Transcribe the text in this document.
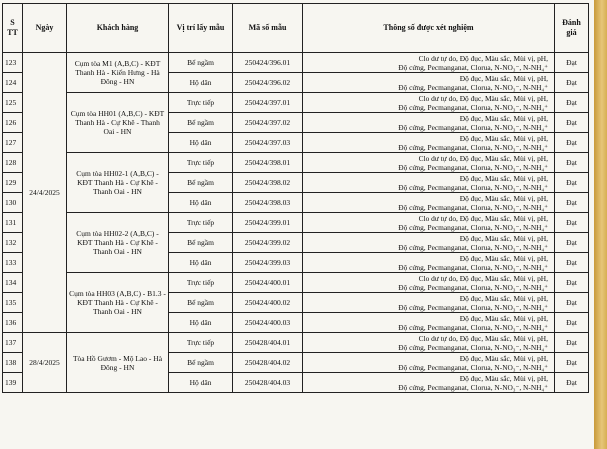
S TT	Ngày	Khách hàng	Vị trí lấy mẫu	Mã số mẫu	Thông số được xét nghiệm	Đánh giá
123	24/4/2025	Cụm tòa M1 (A,B,C) - KĐT Thanh Hà - Kiến Hưng - Hà Đông - HN	Bể ngầm	250424/396.01	Clo dư tự do, Độ đục, Màu sắc, Mùi vị, pH,
Độ cứng, Pecmanganat, Clorua, N-NO₃⁻, N-NH₄⁺	Đạt
124			Hộ dân	250424/396.02	Độ đục, Màu sắc, Mùi vị, pH,
Độ cứng, Pecmanganat, Clorua, N-NO₃⁻, N-NH₄⁺	Đạt
125		Cụm tòa HH01 (A,B,C) - KĐT Thanh Hà - Cự Khê - Thanh Oai - HN	Trực tiếp	250424/397.01	Clo dư tự do, Độ đục, Màu sắc, Mùi vị, pH,
Độ cứng, Pecmanganat, Clorua, N-NO₃⁻, N-NH₄⁺	Đạt
126			Bể ngầm	250424/397.02	Độ đục, Màu sắc, Mùi vị, pH,
Độ cứng, Pecmanganat, Clorua, N-NO₃⁻, N-NH₄⁺	Đạt
127			Hộ dân	250424/397.03	Độ đục, Màu sắc, Mùi vị, pH,
Độ cứng, Pecmanganat, Clorua, N-NO₃⁻, N-NH₄⁺	Đạt
128		Cụm tòa HH02-1 (A,B,C) - KĐT Thanh Hà - Cự Khê - Thanh Oai - HN	Trực tiếp	250424/398.01	Clo dư tự do, Độ đục, Màu sắc, Mùi vị, pH,
Độ cứng, Pecmanganat, Clorua, N-NO₃⁻, N-NH₄⁺	Đạt
129			Bể ngầm	250424/398.02	Độ đục, Màu sắc, Mùi vị, pH,
Độ cứng, Pecmanganat, Clorua, N-NO₃⁻, N-NH₄⁺	Đạt
130			Hộ dân	250424/398.03	Độ đục, Màu sắc, Mùi vị, pH,
Độ cứng, Pecmanganat, Clorua, N-NO₃⁻, N-NH₄⁺	Đạt
131		Cụm tòa HH02-2 (A,B,C) - KĐT Thanh Hà - Cự Khê - Thanh Oai - HN	Trực tiếp	250424/399.01	Clo dư tự do, Độ đục, Màu sắc, Mùi vị, pH,
Độ cứng, Pecmanganat, Clorua, N-NO₃⁻, N-NH₄⁺	Đạt
132			Bể ngầm	250424/399.02	Độ đục, Màu sắc, Mùi vị, pH,
Độ cứng, Pecmanganat, Clorua, N-NO₃⁻, N-NH₄⁺	Đạt
133			Hộ dân	250424/399.03	Độ đục, Màu sắc, Mùi vị, pH,
Độ cứng, Pecmanganat, Clorua, N-NO₃⁻, N-NH₄⁺	Đạt
134		Cụm tòa HH03 (A,B,C) - B1.3 - KĐT Thanh Hà - Cự Khê - Thanh Oai - HN	Trực tiếp	250424/400.01	Clo dư tự do, Độ đục, Màu sắc, Mùi vị, pH,
Độ cứng, Pecmanganat, Clorua, N-NO₃⁻, N-NH₄⁺	Đạt
135			Bể ngầm	250424/400.02	Độ đục, Màu sắc, Mùi vị, pH,
Độ cứng, Pecmanganat, Clorua, N-NO₃⁻, N-NH₄⁺	Đạt
136			Hộ dân	250424/400.03	Độ đục, Màu sắc, Mùi vị, pH,
Độ cứng, Pecmanganat, Clorua, N-NO₃⁻, N-NH₄⁺	Đạt
137	28/4/2025	Tòa Hồ Gươm - Mộ Lao - Hà Đông - HN	Trực tiếp	250428/404.01	Clo dư tự do, Độ đục, Màu sắc, Mùi vị, pH,
Độ cứng, Pecmanganat, Clorua, N-NO₃⁻, N-NH₄⁺	Đạt
138			Bể ngầm	250428/404.02	Độ đục, Màu sắc, Mùi vị, pH,
Độ cứng, Pecmanganat, Clorua, N-NO₃⁻, N-NH₄⁺	Đạt
139			Hộ dân	250428/404.03	Độ đục, Màu sắc, Mùi vị, pH,
Độ cứng, Pecmanganat, Clorua, N-NO₃⁻, N-NH₄⁺	Đạt
